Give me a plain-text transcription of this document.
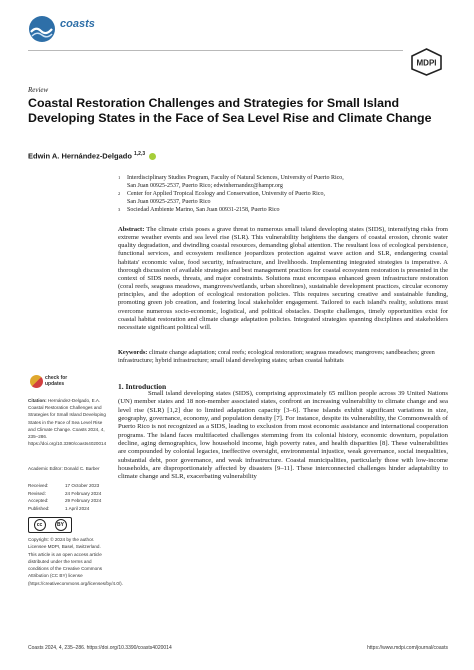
coasts
MDPI
Review
Coastal Restoration Challenges and Strategies for Small Island Developing States in the Face of Sea Level Rise and Climate Change
Edwin A. Hernández-Delgado $^{1,2,3}$
1 Interdisciplinary Studies Program, Faculty of Natural Sciences, University of Puerto Rico,
San Juan 00925-2537, Puerto Rico; edwinhernandez@hampr.org
2 Center for Applied Tropical Ecology and Conservation, University of Puerto Rico,
San Juan 00925-2537, Puerto Rico
3 Sociedad Ambiente Marino, San Juan 00931-2158, Puerto Rico
Abstract: The climate crisis poses a grave threat to numerous small island developing states (SIDS), intensifying risks from extreme weather events and sea level rise (SLR). This vulnerability heightens the dangers of coastal erosion, chronic water quality degradation, and dwindling coastal resources, demanding global attention. The resultant loss of ecological persistence, functional services, and ecosystem resilience jeopardizes protection against wave action and SLR, endangering coastal habitats' economic value, food security, infrastructure, and livelihoods. Implementing integrated strategies is imperative. A thorough discussion of available strategies and best management practices for coastal ecosystem restoration is presented in the context of SIDS needs, threats, and major constraints. Solutions must encompass enhanced green infrastructure restoration (coral reefs, seagrass meadows, mangroves/wetlands, urban shorelines), sustainable development practices, circular economy principles, and the adoption of ecological restoration policies. This requires securing creative and sustainable funding, promoting green job creation, and fostering local stakeholder engagement. Tailored to each island's reality, solutions must overcome numerous socio-economic, logistical, and political obstacles. Despite challenges, timely opportunities exist for coastal habitat restoration and climate change adaptation policies. Integrated strategies spanning disciplines and stakeholders necessitate significant political will.
Keywords: climate change adaptation; coral reefs; ecological restoration; seagrass meadows; mangroves; sandbeaches; green infrastructure; hybrid infrastructure; small island developing states; urban coastal habitats
check for
updates
Citation: Hernández-Delgado, E.A. Coastal Restoration Challenges and Strategies for Small Island Developing States in the Face of Sea Level Rise and Climate Change. Coasts 2024, 4, 235–286. https://doi.org/10.3390/coasts4020014
Academic Editor: Donald C. Barber
Received:	17 October 2023
Revised:	24 February 2024
Accepted:	29 February 2024
Published:	1 April 2024
cc	BY
Copyright: © 2024 by the author. Licensee MDPI, Basel, Switzerland. This article is an open access article distributed under the terms and conditions of the Creative Commons Attribution (CC BY) license (https://creativecommons.org/licenses/by/4.0/).
1. Introduction
Small island developing states (SIDS), comprising approximately 65 million people across 39 United Nations (UN) member states and 18 non-member associated states, confront an increasing vulnerability to climate change and sea level rise (SLR) [1,2] due to limited adaptation capacity [3–6]. These islands exhibit significant variations in size, geography, governance, economy, and population density [7]. For instance, despite its vulnerability, the Commonwealth of Puerto Rico is not recognized as a SIDS, leading to exclusion from most economic assistance and international cooperation programs. The island faces multifaceted challenges stemming from its colonial history, economic downturn, population decline, aging demographics, low household income, high poverty rates, and health disparities [8]. These vulnerabilities are compounded by colonial legacies, ineffective oversight, environmental injustice, weak governance, social inequalities, substantial debt, poor governance, and weak infrastructure. Coastal municipalities, particularly those with low-income households, are disproportionately affected by disasters [9–11]. These interconnected challenges hinder adaptability to climate change and SLR, exacerbating vulnerability
Coasts 2024, 4, 235–286. https://doi.org/10.3390/coasts4020014	https://www.mdpi.com/journal/coasts
